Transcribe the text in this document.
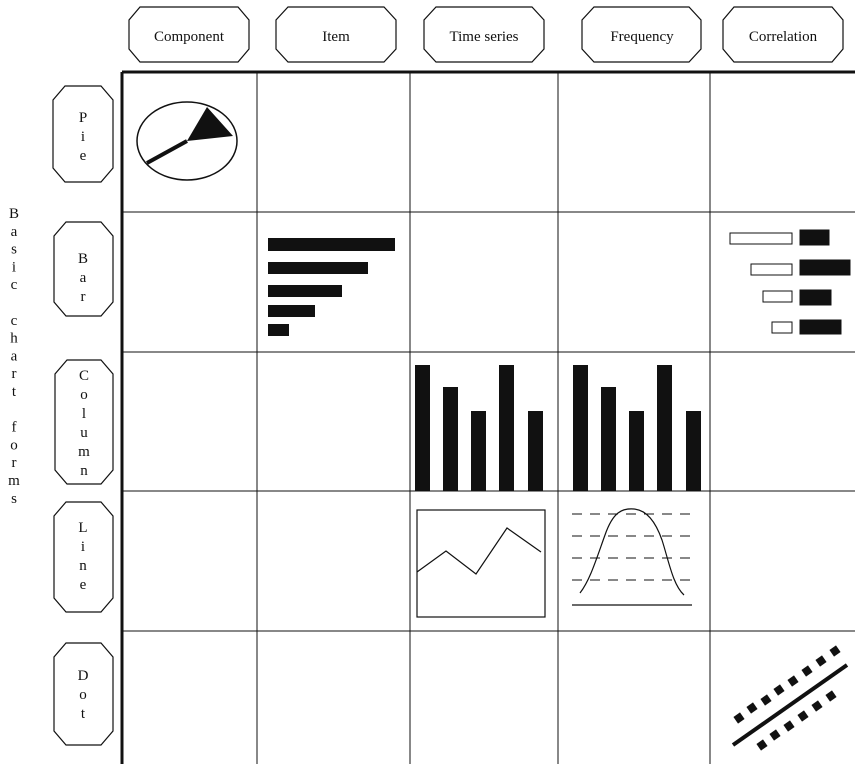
Component	Item	Time series	Frequency	Correlation
P i e
B a r
C o l u m n
L i n e
D o t
B a s i c c h a r t f o r m s
